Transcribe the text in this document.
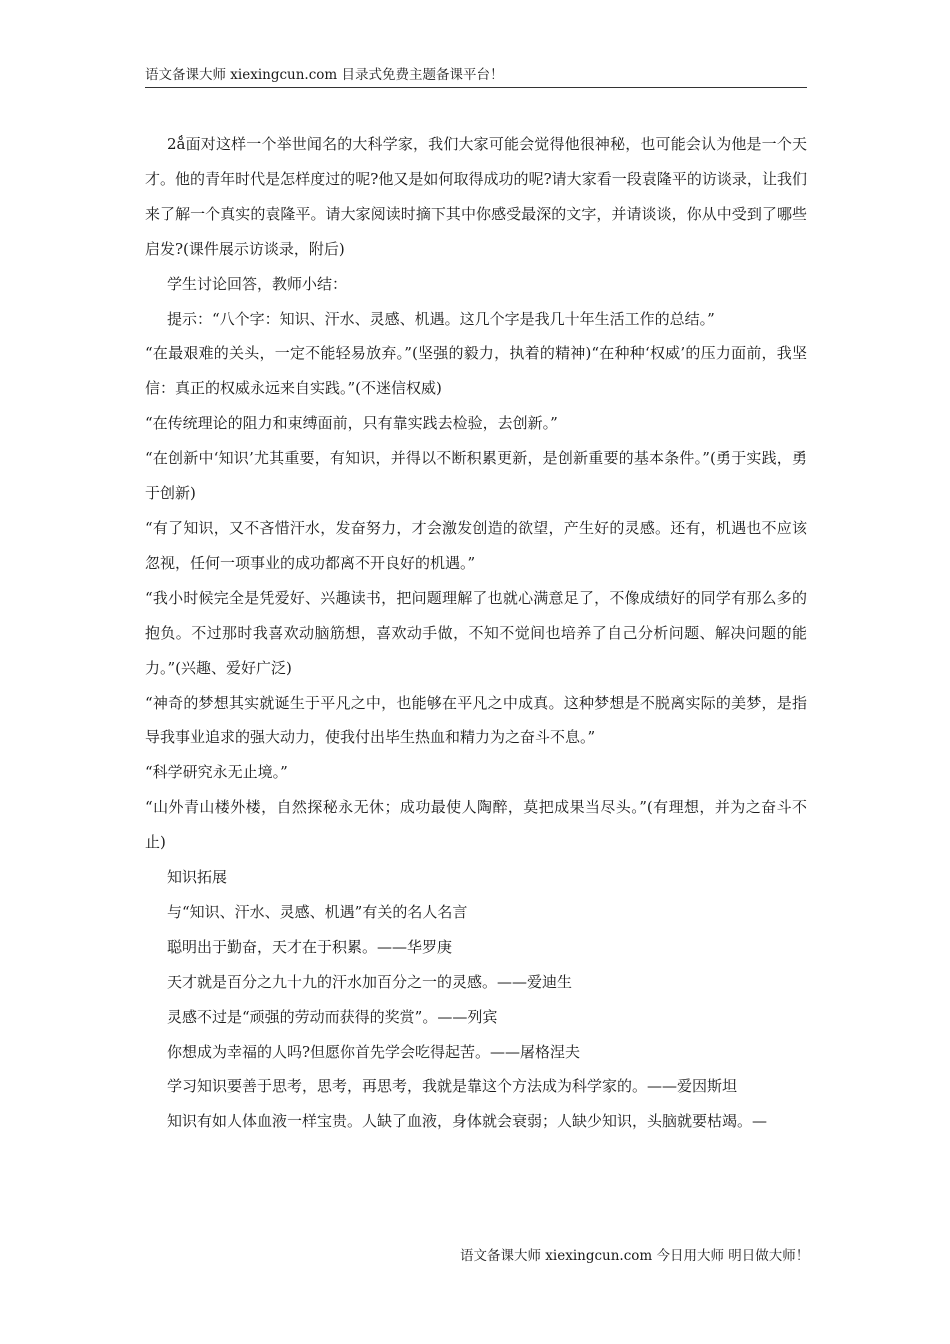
语文备课大师 xiexingcun.com 目录式免费主题备课平台！

2ǻ面对这样一个举世闻名的大科学家，我们大家可能会觉得他很神秘，也可能会认为他是一个天才。他的青年时代是怎样度过的呢?他又是如何取得成功的呢?请大家看一段袁隆平的访谈录，让我们来了解一个真实的袁隆平。请大家阅读时摘下其中你感受最深的文字，并请谈谈，你从中受到了哪些启发?(课件展示访谈录，附后)

学生讨论回答，教师小结：

提示：“八个字：知识、汗水、灵感、机遇。这几个字是我几十年生活工作的总结。”

“在最艰难的关头，一定不能轻易放弃。”(坚强的毅力，执着的精神)“在种种‘权威’的压力面前，我坚信：真正的权威永远来自实践。”(不迷信权威)

“在传统理论的阻力和束缚面前，只有靠实践去检验，去创新。”

“在创新中‘知识’尤其重要，有知识，并得以不断积累更新，是创新重要的基本条件。”(勇于实践，勇于创新)

“有了知识，又不吝惜汗水，发奋努力，才会激发创造的欲望，产生好的灵感。还有，机遇也不应该忽视，任何一项事业的成功都离不开良好的机遇。”

“我小时候完全是凭爱好、兴趣读书，把问题理解了也就心满意足了，不像成绩好的同学有那么多的抱负。不过那时我喜欢动脑筋想，喜欢动手做，不知不觉间也培养了自己分析问题、解决问题的能力。”(兴趣、爱好广泛)

“神奇的梦想其实就诞生于平凡之中，也能够在平凡之中成真。这种梦想是不脱离实际的美梦，是指导我事业追求的强大动力，使我付出毕生热血和精力为之奋斗不息。”

“科学研究永无止境。”

“山外青山楼外楼，自然探秘永无休；成功最使人陶醉，莫把成果当尽头。”(有理想，并为之奋斗不止)

知识拓展

与“知识、汗水、灵感、机遇”有关的名人名言

聪明出于勤奋，天才在于积累。——华罗庚

天才就是百分之九十九的汗水加百分之一的灵感。——爱迪生

灵感不过是“顽强的劳动而获得的奖赏”。——列宾

你想成为幸福的人吗?但愿你首先学会吃得起苦。——屠格涅夫

学习知识要善于思考，思考，再思考，我就是靠这个方法成为科学家的。——爱因斯坦

知识有如人体血液一样宝贵。人缺了血液，身体就会衰弱；人缺少知识，头脑就要枯竭。—

语文备课大师 xiexingcun.com 今日用大师 明日做大师！
